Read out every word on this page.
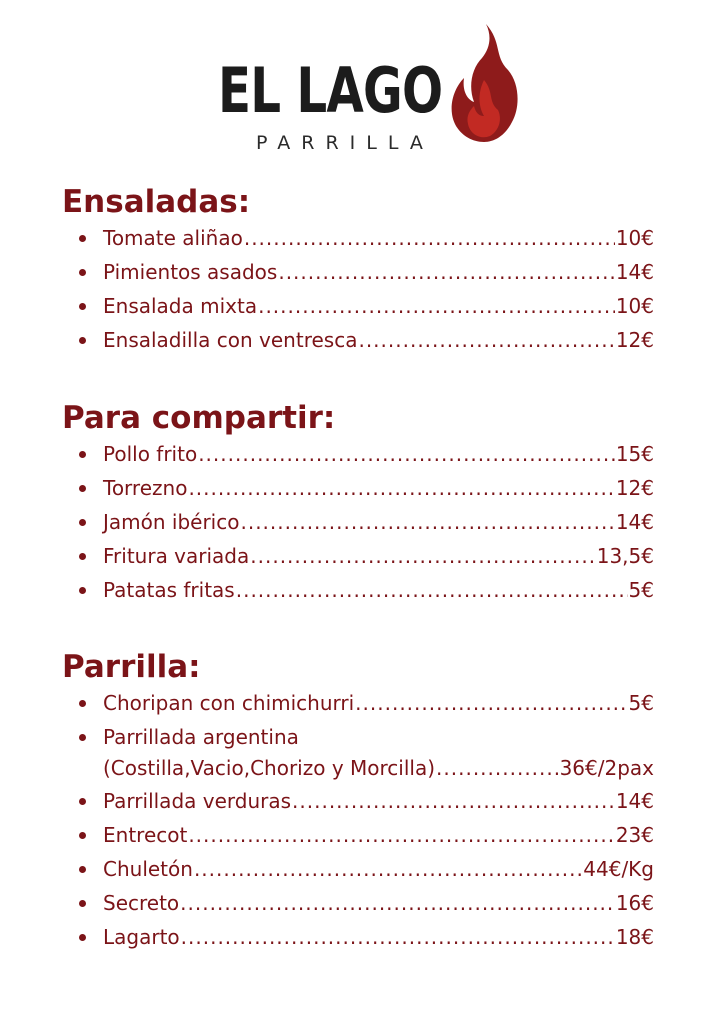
EL LAGO
PARRILLA
Ensaladas:
Tomate aliñao .....	10€
Pimientos asados .....	14€
Ensalada mixta .....	10€
Ensaladilla con ventresca .....	12€
Para compartir:
Pollo frito .....	15€
Torrezno .....	12€
Jamón ibérico .....	14€
Fritura variada .....	13,5€
Patatas fritas .....	5€
Parrilla:
Choripan con chimichurri .....	5€
Parrillada argentina
(Costilla,Vacio,Chorizo y Morcilla) .....	36€/2pax
Parrillada verduras .....	14€
Entrecot .....	23€
Chuletón .....	44€/Kg
Secreto .....	16€
Lagarto .....	18€
